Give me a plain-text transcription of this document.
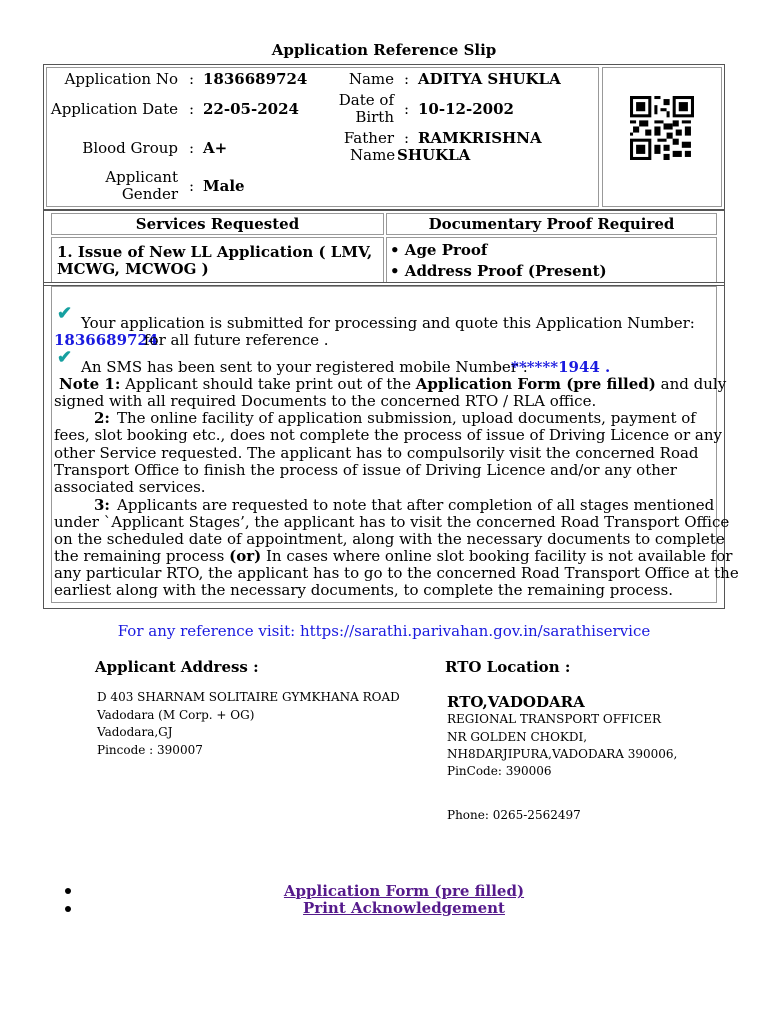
Application Reference Slip
Application No : 1836689724
Application Date : 22-05-2024
Blood Group : A+
Applicant
Gender : Male
Name : ADITYA SHUKLA
Date of
Birth : 10-12-2002
Father : RAMKRISHNA
Name SHUKLA
Services Requested	Documentary Proof Required
1. Issue of New LL Application ( LMV,
MCWG, MCWOG )
• Age Proof
• Address Proof (Present)
✔ Your application is submitted for processing and quote this Application Number:
1836689724
for all future reference .
✔ An SMS has been sent to your registered mobile Number :
******1944 .
Note 1: Applicant should take print out of the Application Form (pre filled) and duly
signed with all required Documents to the concerned RTO / RLA office.
2: The online facility of application submission, upload documents, payment of
fees, slot booking etc., does not complete the process of issue of Driving Licence or any
other Service requested. The applicant has to compulsorily visit the concerned Road
Transport Office to finish the process of issue of Driving Licence and/or any other
associated services.
3: Applicants are requested to note that after completion of all stages mentioned
under `Applicant Stages’, the applicant has to visit the concerned Road Transport Office
on the scheduled date of appointment, along with the necessary documents to complete
the remaining process (or) In cases where online slot booking facility is not available for
any particular RTO, the applicant has to go to the concerned Road Transport Office at the
earliest along with the necessary documents, to complete the remaining process.
For any reference visit: https://sarathi.parivahan.gov.in/sarathiservice
Applicant Address :
D 403 SHARNAM SOLITAIRE GYMKHANA ROAD
Vadodara (M Corp. + OG)
Vadodara,GJ
Pincode : 390007
RTO Location :
RTO,VADODARA
REGIONAL TRANSPORT OFFICER
NR GOLDEN CHOKDI,
NH8DARJIPURA,VADODARA 390006,
PinCode: 390006
Phone: 0265-2562497
Application Form (pre filled)
Print Acknowledgement
